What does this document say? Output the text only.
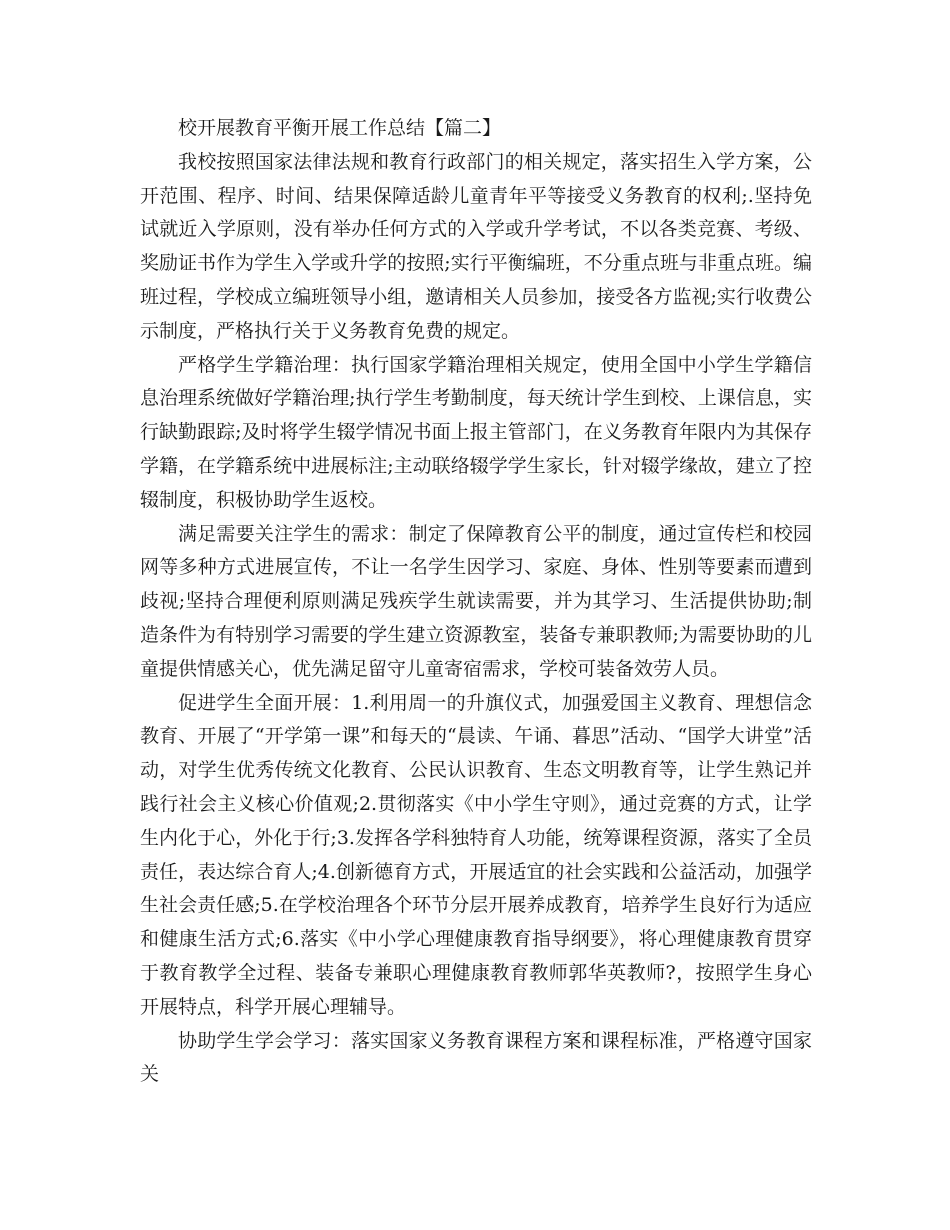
校开展教育平衡开展工作总结【篇二】

我校按照国家法律法规和教育行政部门的相关规定，落实招生入学方案，公开范围、程序、时间、结果保障适龄儿童青年平等接受义务教育的权利;.坚持免试就近入学原则，没有举办任何方式的入学或升学考试，不以各类竞赛、考级、奖励证书作为学生入学或升学的按照;实行平衡编班，不分重点班与非重点班。编班过程，学校成立编班领导小组，邀请相关人员参加，接受各方监视;实行收费公示制度，严格执行关于义务教育免费的规定。

严格学生学籍治理：执行国家学籍治理相关规定，使用全国中小学生学籍信息治理系统做好学籍治理;执行学生考勤制度，每天统计学生到校、上课信息，实行缺勤跟踪;及时将学生辍学情况书面上报主管部门，在义务教育年限内为其保存学籍，在学籍系统中进展标注;主动联络辍学学生家长，针对辍学缘故，建立了控辍制度，积极协助学生返校。

满足需要关注学生的需求：制定了保障教育公平的制度，通过宣传栏和校园网等多种方式进展宣传，不让一名学生因学习、家庭、身体、性别等要素而遭到歧视;坚持合理便利原则满足残疾学生就读需要，并为其学习、生活提供协助;制造条件为有特别学习需要的学生建立资源教室，装备专兼职教师;为需要协助的儿童提供情感关心，优先满足留守儿童寄宿需求，学校可装备效劳人员。

促进学生全面开展：1.利用周一的升旗仪式，加强爱国主义教育、理想信念教育、开展了“开学第一课”和每天的“晨读、午诵、暮思”活动、“国学大讲堂”活动，对学生优秀传统文化教育、公民认识教育、生态文明教育等，让学生熟记并践行社会主义核心价值观;2.贯彻落实《中小学生守则》，通过竞赛的方式，让学生内化于心，外化于行;3.发挥各学科独特育人功能，统筹课程资源，落实了全员责任，表达综合育人;4.创新德育方式，开展适宜的社会实践和公益活动，加强学生社会责任感;5.在学校治理各个环节分层开展养成教育，培养学生良好行为适应和健康生活方式;6.落实《中小学心理健康教育指导纲要》，将心理健康教育贯穿于教育教学全过程、装备专兼职心理健康教育教师郭华英教师?，按照学生身心开展特点，科学开展心理辅导。

协助学生学会学习：落实国家义务教育课程方案和课程标准，严格遵守国家关
